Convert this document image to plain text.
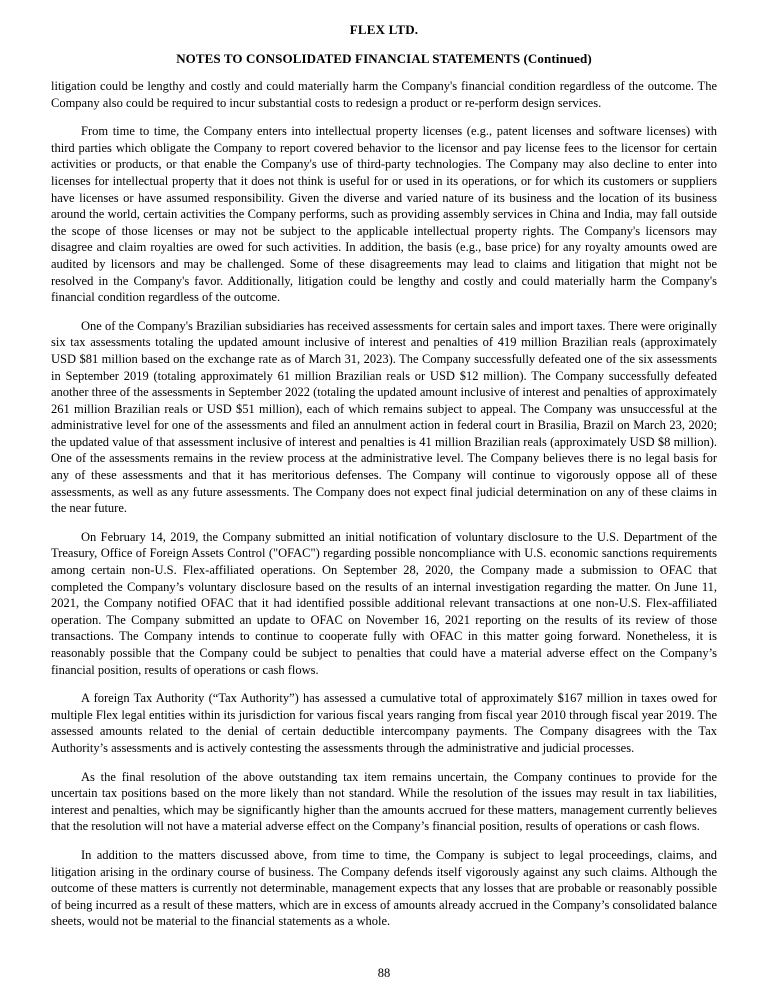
FLEX LTD.
NOTES TO CONSOLIDATED FINANCIAL STATEMENTS (Continued)

litigation could be lengthy and costly and could materially harm the Company's financial condition regardless of the outcome. The Company also could be required to incur substantial costs to redesign a product or re-perform design services.

From time to time, the Company enters into intellectual property licenses (e.g., patent licenses and software licenses) with third parties which obligate the Company to report covered behavior to the licensor and pay license fees to the licensor for certain activities or products, or that enable the Company's use of third-party technologies. The Company may also decline to enter into licenses for intellectual property that it does not think is useful for or used in its operations, or for which its customers or suppliers have licenses or have assumed responsibility. Given the diverse and varied nature of its business and the location of its business around the world, certain activities the Company performs, such as providing assembly services in China and India, may fall outside the scope of those licenses or may not be subject to the applicable intellectual property rights. The Company's licensors may disagree and claim royalties are owed for such activities. In addition, the basis (e.g., base price) for any royalty amounts owed are audited by licensors and may be challenged. Some of these disagreements may lead to claims and litigation that might not be resolved in the Company's favor. Additionally, litigation could be lengthy and costly and could materially harm the Company's financial condition regardless of the outcome.

One of the Company's Brazilian subsidiaries has received assessments for certain sales and import taxes. There were originally six tax assessments totaling the updated amount inclusive of interest and penalties of 419 million Brazilian reals (approximately USD $81 million based on the exchange rate as of March 31, 2023). The Company successfully defeated one of the six assessments in September 2019 (totaling approximately 61 million Brazilian reals or USD $12 million). The Company successfully defeated another three of the assessments in September 2022 (totaling the updated amount inclusive of interest and penalties of approximately 261 million Brazilian reals or USD $51 million), each of which remains subject to appeal. The Company was unsuccessful at the administrative level for one of the assessments and filed an annulment action in federal court in Brasilia, Brazil on March 23, 2020; the updated value of that assessment inclusive of interest and penalties is 41 million Brazilian reals (approximately USD $8 million). One of the assessments remains in the review process at the administrative level. The Company believes there is no legal basis for any of these assessments and that it has meritorious defenses. The Company will continue to vigorously oppose all of these assessments, as well as any future assessments. The Company does not expect final judicial determination on any of these claims in the near future.

On February 14, 2019, the Company submitted an initial notification of voluntary disclosure to the U.S. Department of the Treasury, Office of Foreign Assets Control ("OFAC") regarding possible noncompliance with U.S. economic sanctions requirements among certain non-U.S. Flex-affiliated operations. On September 28, 2020, the Company made a submission to OFAC that completed the Company’s voluntary disclosure based on the results of an internal investigation regarding the matter. On June 11, 2021, the Company notified OFAC that it had identified possible additional relevant transactions at one non-U.S. Flex-affiliated operation. The Company submitted an update to OFAC on November 16, 2021 reporting on the results of its review of those transactions. The Company intends to continue to cooperate fully with OFAC in this matter going forward. Nonetheless, it is reasonably possible that the Company could be subject to penalties that could have a material adverse effect on the Company’s financial position, results of operations or cash flows.

A foreign Tax Authority (“Tax Authority”) has assessed a cumulative total of approximately $167 million in taxes owed for multiple Flex legal entities within its jurisdiction for various fiscal years ranging from fiscal year 2010 through fiscal year 2019. The assessed amounts related to the denial of certain deductible intercompany payments. The Company disagrees with the Tax Authority’s assessments and is actively contesting the assessments through the administrative and judicial processes.

As the final resolution of the above outstanding tax item remains uncertain, the Company continues to provide for the uncertain tax positions based on the more likely than not standard. While the resolution of the issues may result in tax liabilities, interest and penalties, which may be significantly higher than the amounts accrued for these matters, management currently believes that the resolution will not have a material adverse effect on the Company’s financial position, results of operations or cash flows.

In addition to the matters discussed above, from time to time, the Company is subject to legal proceedings, claims, and litigation arising in the ordinary course of business. The Company defends itself vigorously against any such claims. Although the outcome of these matters is currently not determinable, management expects that any losses that are probable or reasonably possible of being incurred as a result of these matters, which are in excess of amounts already accrued in the Company’s consolidated balance sheets, would not be material to the financial statements as a whole.

88
